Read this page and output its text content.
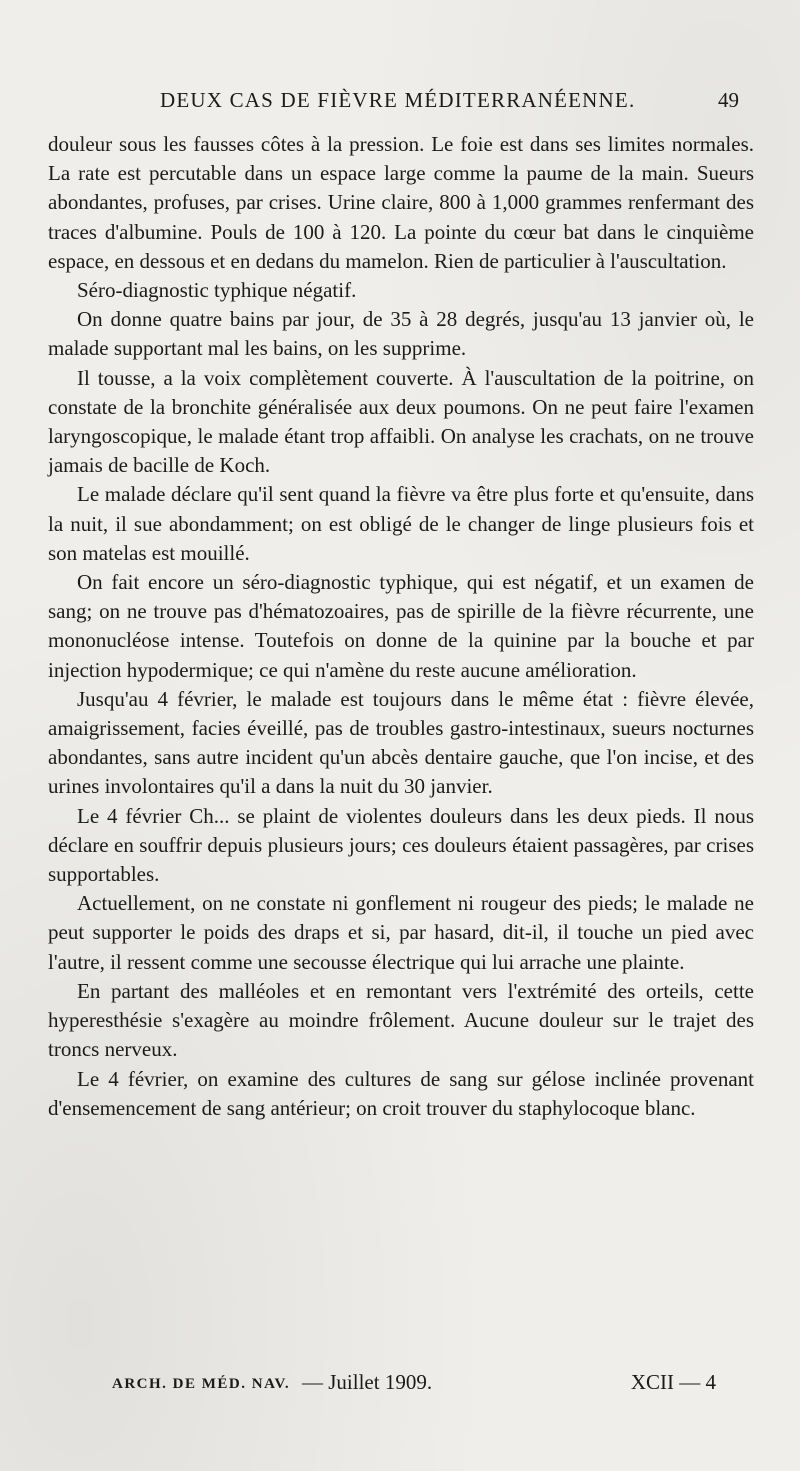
DEUX CAS DE FIÈVRE MÉDITERRANÉENNE.	49

douleur sous les fausses côtes à la pression. Le foie est dans ses limites normales. La rate est percutable dans un espace large comme la paume de la main. Sueurs abondantes, profuses, par crises. Urine claire, 800 à 1,000 grammes renfermant des traces d'albumine. Pouls de 100 à 120. La pointe du cœur bat dans le cinquième espace, en dessous et en dedans du mamelon. Rien de particulier à l'auscultation.

Séro-diagnostic typhique négatif.

On donne quatre bains par jour, de 35 à 28 degrés, jusqu'au 13 janvier où, le malade supportant mal les bains, on les supprime.

Il tousse, a la voix complètement couverte. À l'auscultation de la poitrine, on constate de la bronchite généralisée aux deux poumons. On ne peut faire l'examen laryngoscopique, le malade étant trop affaibli. On analyse les crachats, on ne trouve jamais de bacille de Koch.

Le malade déclare qu'il sent quand la fièvre va être plus forte et qu'ensuite, dans la nuit, il sue abondamment; on est obligé de le changer de linge plusieurs fois et son matelas est mouillé.

On fait encore un séro-diagnostic typhique, qui est négatif, et un examen de sang; on ne trouve pas d'hématozoaires, pas de spirille de la fièvre récurrente, une mononucléose intense. Toutefois on donne de la quinine par la bouche et par injection hypodermique; ce qui n'amène du reste aucune amélioration.

Jusqu'au 4 février, le malade est toujours dans le même état : fièvre élevée, amaigrissement, facies éveillé, pas de troubles gastro-intestinaux, sueurs nocturnes abondantes, sans autre incident qu'un abcès dentaire gauche, que l'on incise, et des urines involontaires qu'il a dans la nuit du 30 janvier.

Le 4 février Ch... se plaint de violentes douleurs dans les deux pieds. Il nous déclare en souffrir depuis plusieurs jours; ces douleurs étaient passagères, par crises supportables.

Actuellement, on ne constate ni gonflement ni rougeur des pieds; le malade ne peut supporter le poids des draps et si, par hasard, dit-il, il touche un pied avec l'autre, il ressent comme une secousse électrique qui lui arrache une plainte.

En partant des malléoles et en remontant vers l'extrémité des orteils, cette hyperesthésie s'exagère au moindre frôlement. Aucune douleur sur le trajet des troncs nerveux.

Le 4 février, on examine des cultures de sang sur gélose inclinée provenant d'ensemencement de sang antérieur; on croit trouver du staphylocoque blanc.

ARCH. DE MÉD. NAV. — Juillet 1909.	XCII — 4
